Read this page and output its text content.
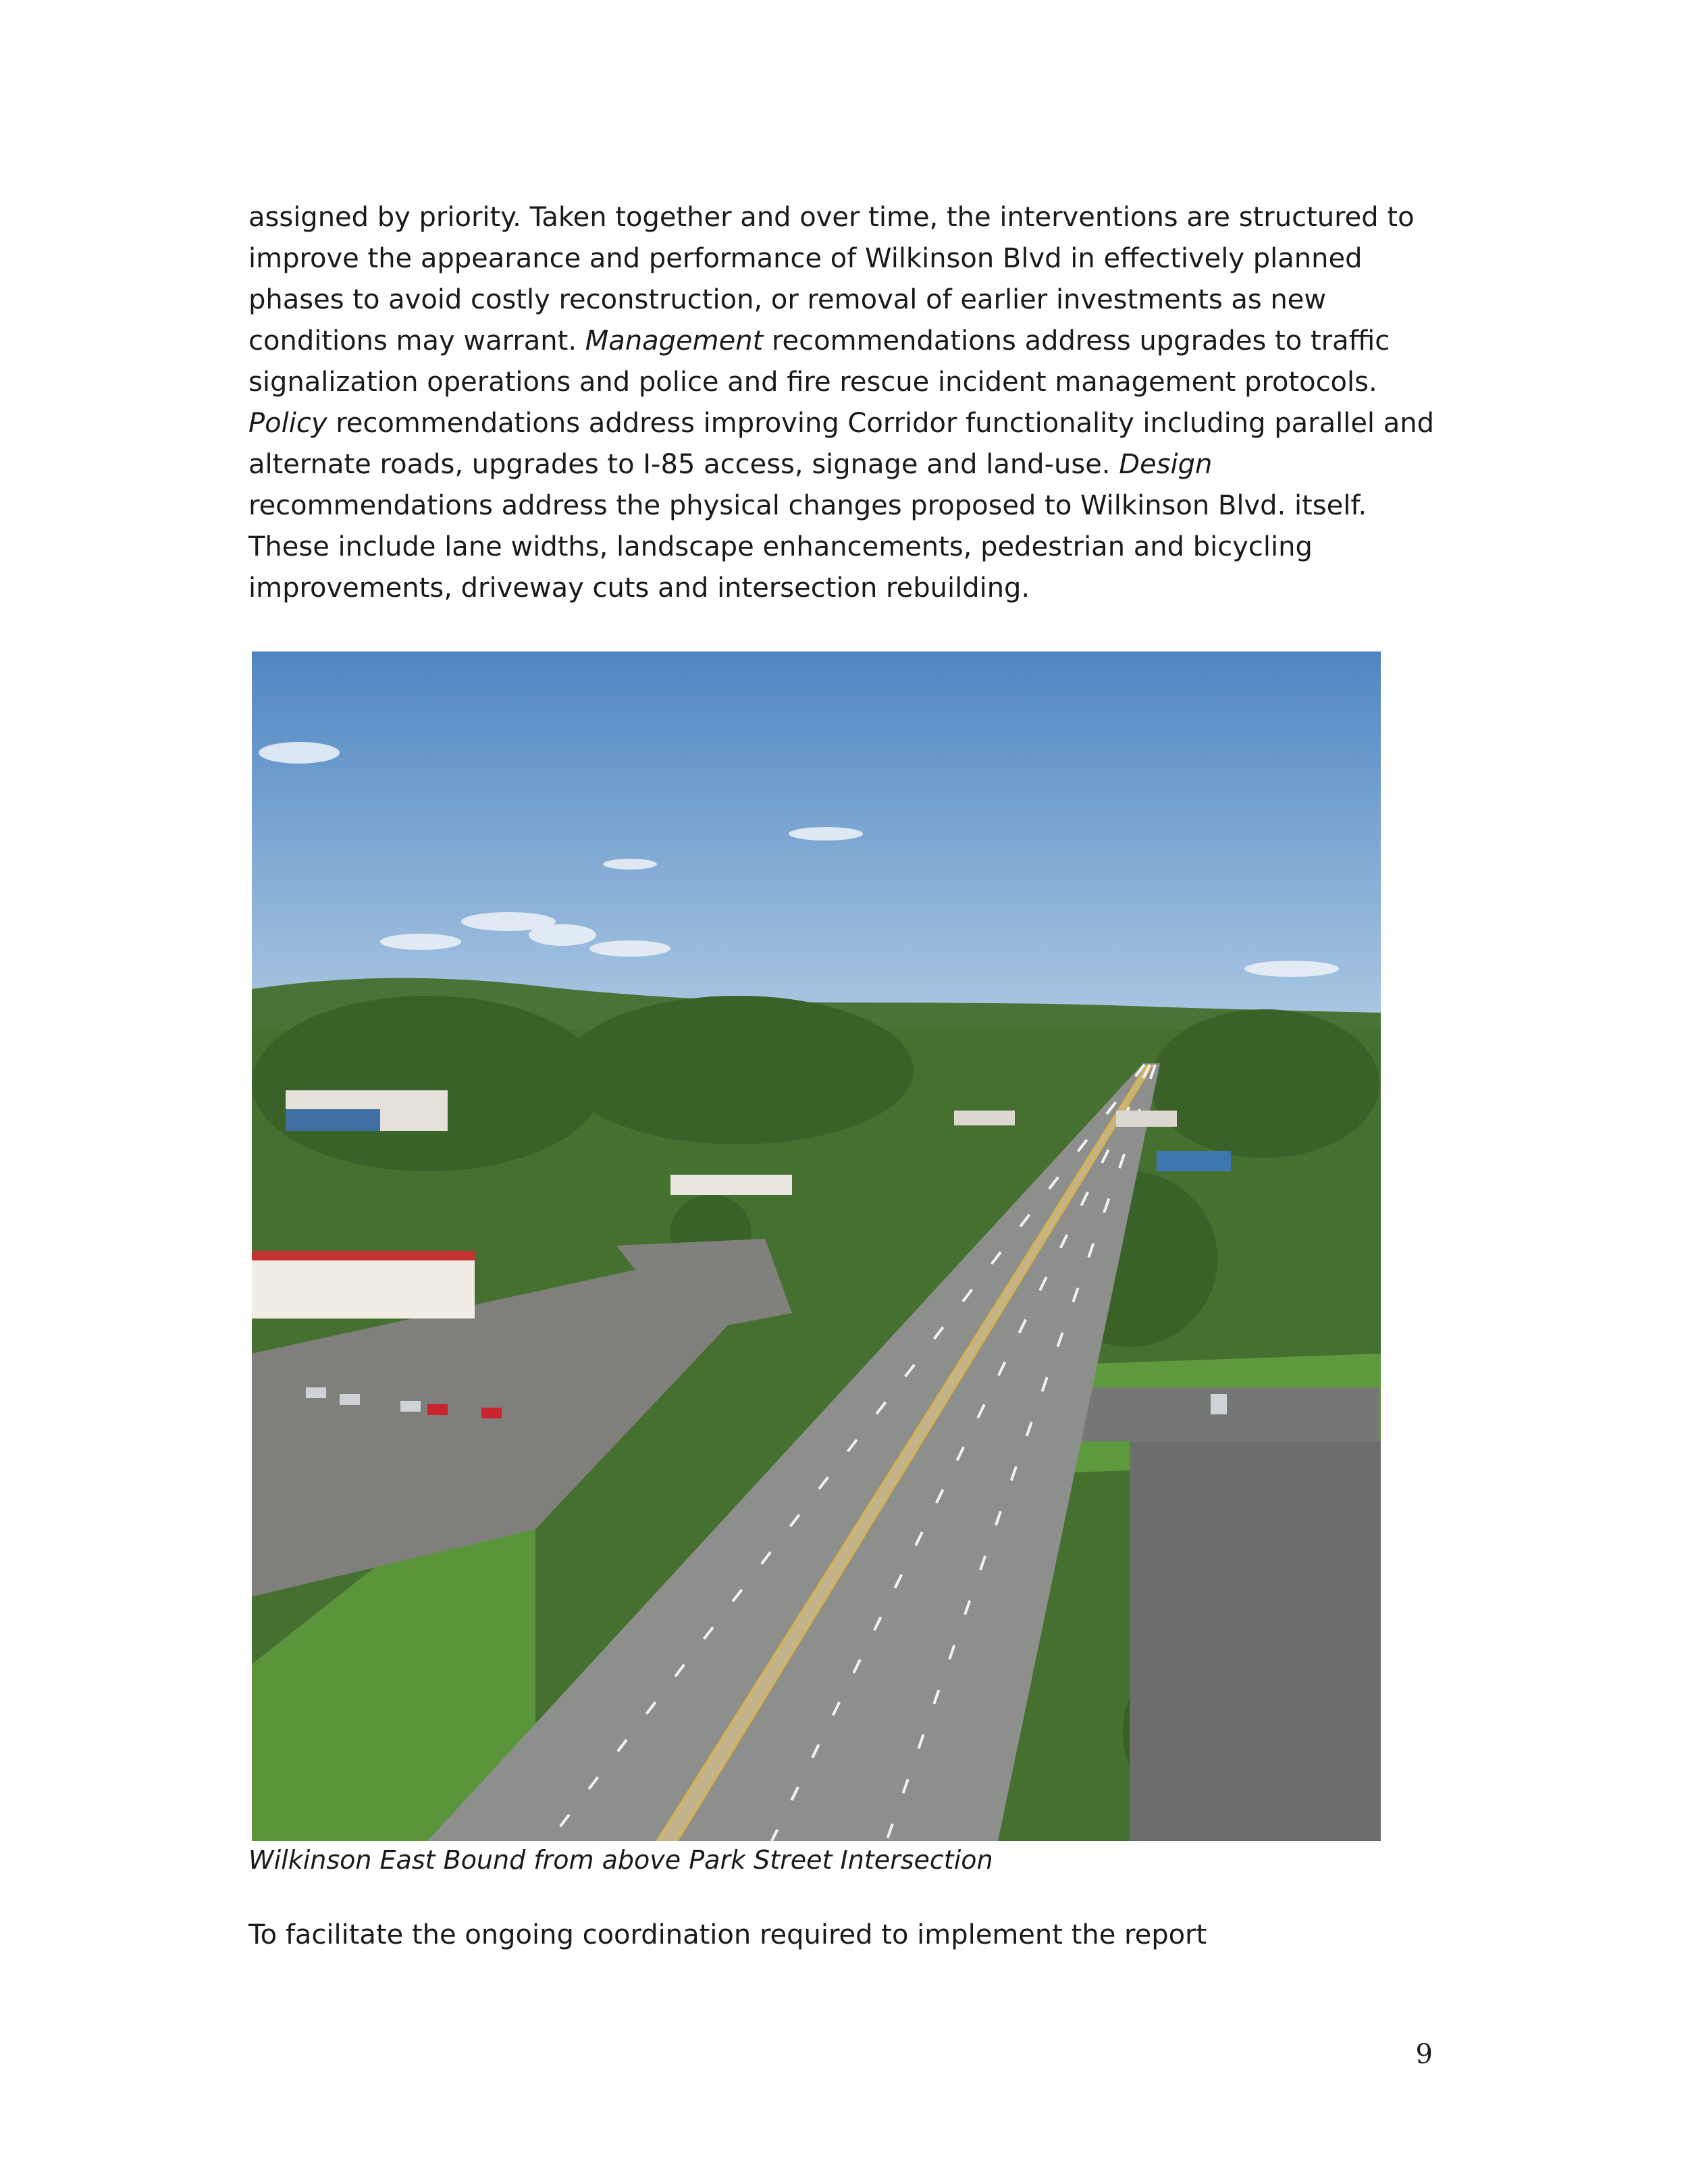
assigned by priority. Taken together and over time, the interventions are structured to improve the appearance and performance of Wilkinson Blvd in effectively planned phases to avoid costly reconstruction, or removal of earlier investments as new conditions may warrant. Management recommendations address upgrades to traffic signalization operations and police and fire rescue incident management protocols. Policy recommendations address improving Corridor functionality including parallel and alternate roads, upgrades to I-85 access, signage and land-use. Design recommendations address the physical changes proposed to Wilkinson Blvd. itself. These include lane widths, landscape enhancements, pedestrian and bicycling improvements, driveway cuts and intersection rebuilding.

Wilkinson East Bound from above Park Street Intersection

To facilitate the ongoing coordination required to implement the report

9
